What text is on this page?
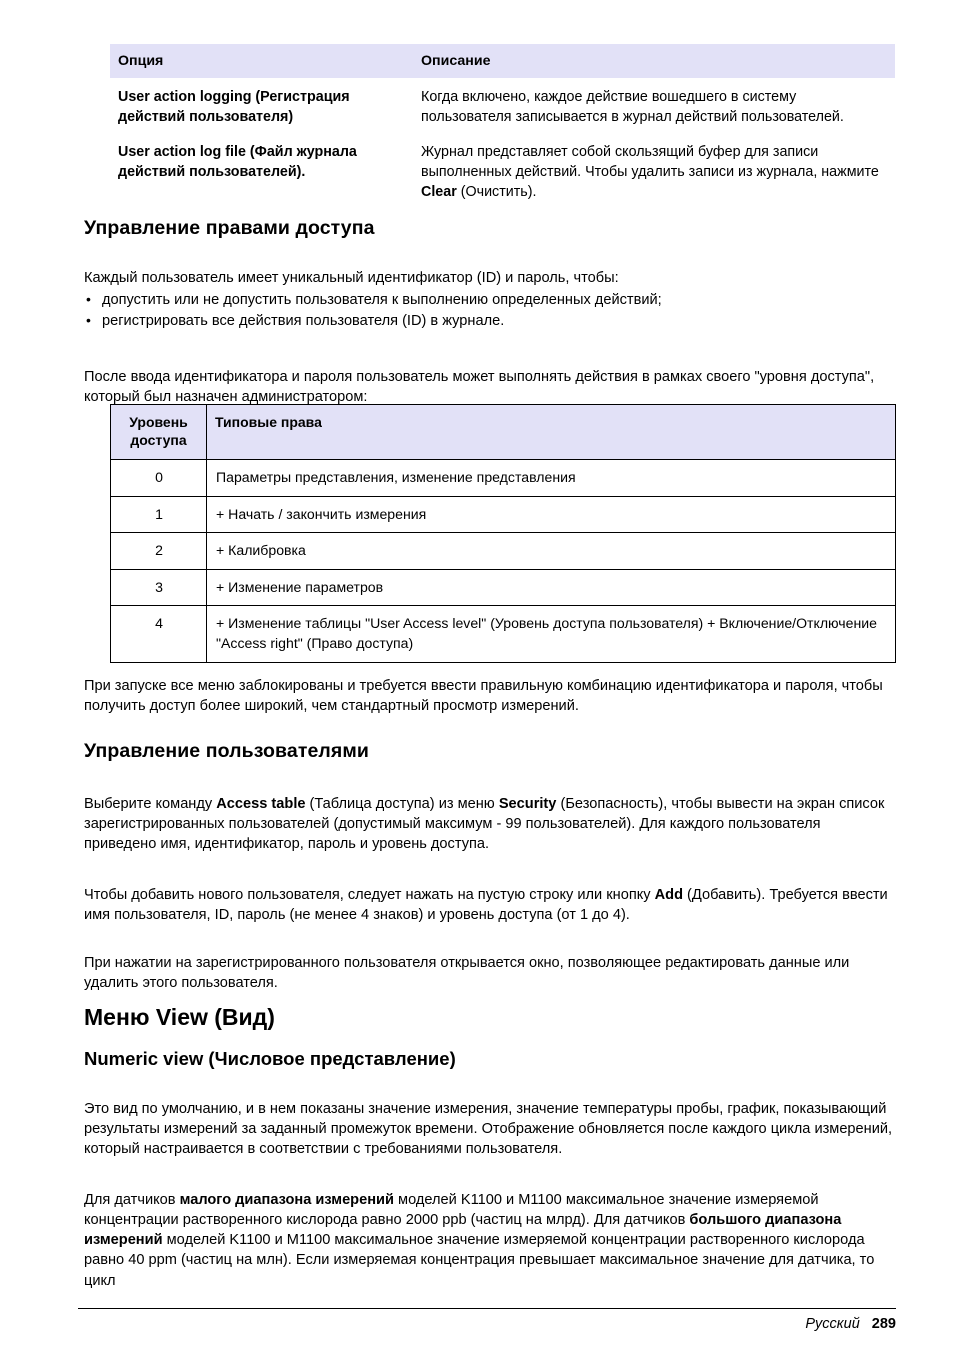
Опция	Описание
User action logging (Регистрация действий пользователя)	Когда включено, каждое действие вошедшего в систему пользователя записывается в журнал действий пользователей.
User action log file (Файл журнала действий пользователей).	Журнал представляет собой скользящий буфер для записи выполненных действий. Чтобы удалить записи из журнала, нажмите Clear (Очистить).
Управление правами доступа

Каждый пользователь имеет уникальный идентификатор (ID) и пароль, чтобы:

• допустить или не допустить пользователя к выполнению определенных действий;
• регистрировать все действия пользователя (ID) в журнале.

После ввода идентификатора и пароля пользователь может выполнять действия в рамках своего "уровня доступа", который был назначен администратором:

Уровень доступа	Типовые права
0	Параметры представления, изменение представления
1	+ Начать / закончить измерения
2	+ Калибровка
3	+ Изменение параметров
4	+ Изменение таблицы "User Access level" (Уровень доступа пользователя) + Включение/Отключение "Access right" (Право доступа)

При запуске все меню заблокированы и требуется ввести правильную комбинацию идентификатора и пароля, чтобы получить доступ более широкий, чем стандартный просмотр измерений.

Управление пользователями

Выберите команду Access table (Таблица доступа) из меню Security (Безопасность), чтобы вывести на экран список зарегистрированных пользователей (допустимый максимум - 99 пользователей). Для каждого пользователя приведено имя, идентификатор, пароль и уровень доступа.

Чтобы добавить нового пользователя, следует нажать на пустую строку или кнопку Add (Добавить). Требуется ввести имя пользователя, ID, пароль (не менее 4 знаков) и уровень доступа (от 1 до 4).

При нажатии на зарегистрированного пользователя открывается окно, позволяющее редактировать данные или удалить этого пользователя.

Меню View (Вид)
Numeric view (Числовое представление)

Это вид по умолчанию, и в нем показаны значение измерения, значение температуры пробы, график, показывающий результаты измерений за заданный промежуток времени. Отображение обновляется после каждого цикла измерений, который настраивается в соответствии с требованиями пользователя.

Для датчиков малого диапазона измерений моделей K1100 и M1100 максимальное значение измеряемой концентрации растворенного кислорода равно 2000 ppb (частиц на млрд). Для датчиков большого диапазона измерений моделей K1100 и M1100 максимальное значение измеряемой концентрации растворенного кислорода равно 40 ppm (частиц на млн). Если измеряемая концентрация превышает максимальное значение для датчика, то цикл

Русский 289
